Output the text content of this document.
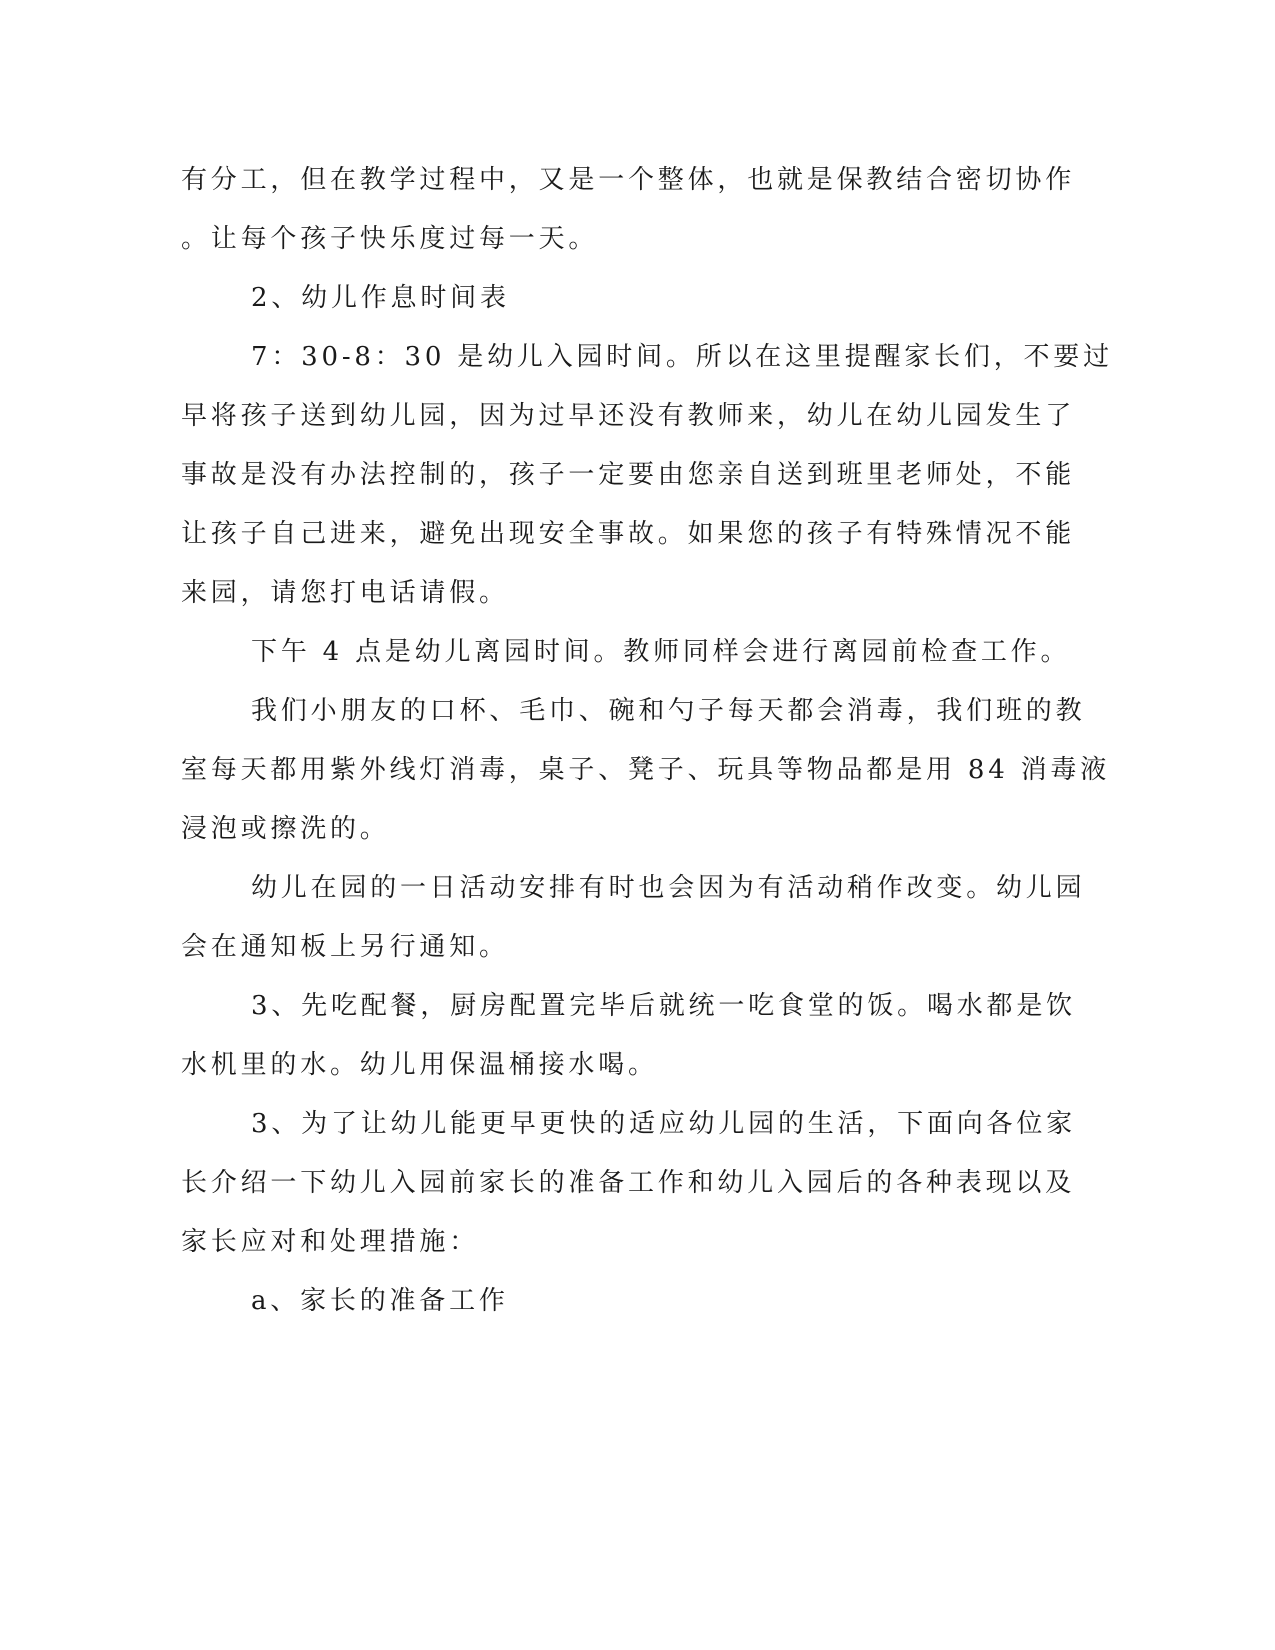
有分工，但在教学过程中，又是一个整体，也就是保教结合密切协作
。让每个孩子快乐度过每一天。
2、幼儿作息时间表
7：30-8：30 是幼儿入园时间。所以在这里提醒家长们，不要过
早将孩子送到幼儿园，因为过早还没有教师来，幼儿在幼儿园发生了
事故是没有办法控制的，孩子一定要由您亲自送到班里老师处，不能
让孩子自己进来，避免出现安全事故。如果您的孩子有特殊情况不能
来园，请您打电话请假。
下午 4 点是幼儿离园时间。教师同样会进行离园前检查工作。
我们小朋友的口杯、毛巾、碗和勺子每天都会消毒，我们班的教
室每天都用紫外线灯消毒，桌子、凳子、玩具等物品都是用 84 消毒液
浸泡或擦洗的。
幼儿在园的一日活动安排有时也会因为有活动稍作改变。幼儿园
会在通知板上另行通知。
3、先吃配餐，厨房配置完毕后就统一吃食堂的饭。喝水都是饮
水机里的水。幼儿用保温桶接水喝。
3、为了让幼儿能更早更快的适应幼儿园的生活，下面向各位家
长介绍一下幼儿入园前家长的准备工作和幼儿入园后的各种表现以及
家长应对和处理措施：
a、家长的准备工作
